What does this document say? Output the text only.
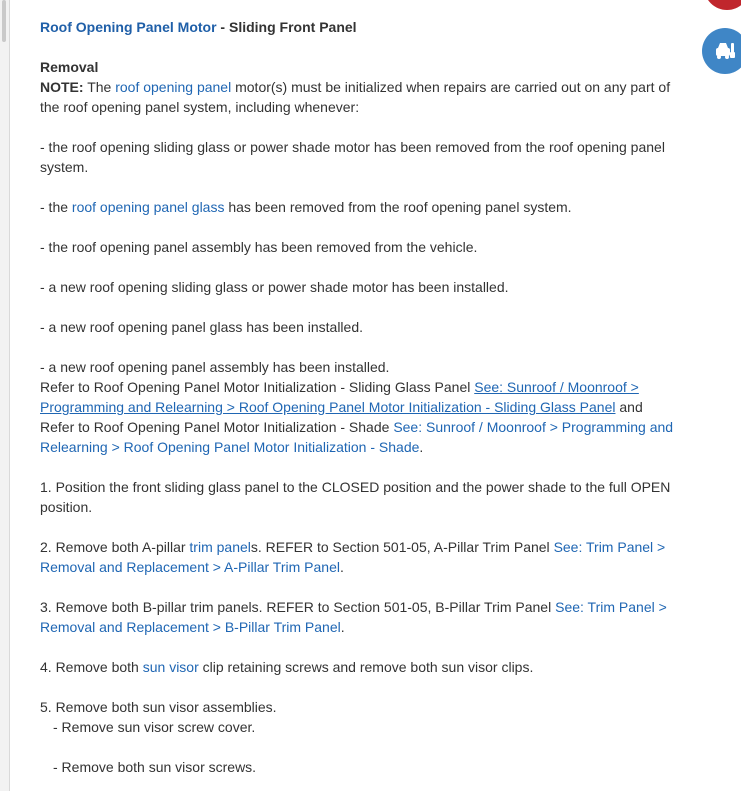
Roof Opening Panel Motor - Sliding Front Panel

Removal

NOTE: The roof opening panel motor(s) must be initialized when repairs are carried out on any part of the roof opening panel system, including whenever:

- the roof opening sliding glass or power shade motor has been removed from the roof opening panel system.

- the roof opening panel glass has been removed from the roof opening panel system.

- the roof opening panel assembly has been removed from the vehicle.

- a new roof opening sliding glass or power shade motor has been installed.

- a new roof opening panel glass has been installed.

- a new roof opening panel assembly has been installed.

Refer to Roof Opening Panel Motor Initialization - Sliding Glass Panel See: Sunroof / Moonroof > Programming and Relearning > Roof Opening Panel Motor Initialization - Sliding Glass Panel and Refer to Roof Opening Panel Motor Initialization - Shade See: Sunroof / Moonroof > Programming and Relearning > Roof Opening Panel Motor Initialization - Shade.

1. Position the front sliding glass panel to the CLOSED position and the power shade to the full OPEN position.

2. Remove both A-pillar trim panels. REFER to Section 501-05, A-Pillar Trim Panel See: Trim Panel > Removal and Replacement > A-Pillar Trim Panel.

3. Remove both B-pillar trim panels. REFER to Section 501-05, B-Pillar Trim Panel See: Trim Panel > Removal and Replacement > B-Pillar Trim Panel.

4. Remove both sun visor clip retaining screws and remove both sun visor clips.

5. Remove both sun visor assemblies.

- Remove sun visor screw cover.

- Remove both sun visor screws.
